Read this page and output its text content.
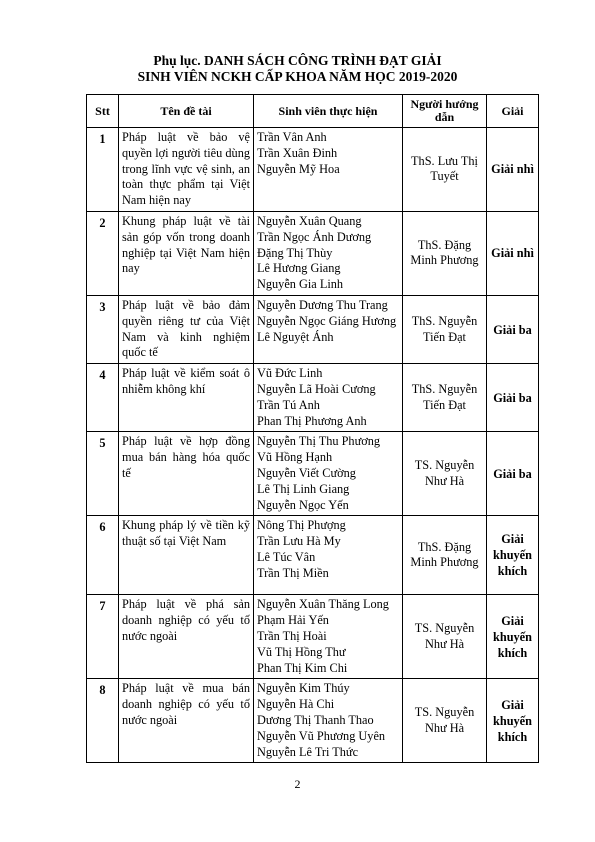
Phụ lục. DANH SÁCH CÔNG TRÌNH ĐẠT GIẢI
SINH VIÊN NCKH CẤP KHOA NĂM HỌC 2019-2020
Stt	Tên đề tài	Sinh viên thực hiện	Người hướng dẫn	Giải
1	Pháp luật về bảo vệ quyền lợi người tiêu dùng trong lĩnh vực vệ sinh, an toàn thực phẩm tại Việt Nam hiện nay	Trần Vân Anh
Trần Xuân Đinh
Nguyễn Mỹ Hoa	ThS. Lưu Thị Tuyết	Giải nhì
2	Khung pháp luật về tài sản góp vốn trong doanh nghiệp tại Việt Nam hiện nay	Nguyễn Xuân Quang
Trần Ngọc Ánh Dương
Đặng Thị Thùy
Lê Hương Giang
Nguyễn Gia Linh	ThS. Đặng Minh Phương	Giải nhì
3	Pháp luật về bảo đảm quyền riêng tư của Việt Nam và kinh nghiệm quốc tế	Nguyễn Dương Thu Trang
Nguyễn Ngọc Giáng Hương
Lê Nguyệt Ánh	ThS. Nguyễn Tiến Đạt	Giải ba
4	Pháp luật về kiểm soát ô nhiễm không khí	Vũ Đức Linh
Nguyễn Lã Hoài Cương
Trần Tú Anh
Phan Thị Phương Anh	ThS. Nguyễn Tiến Đạt	Giải ba
5	Pháp luật về hợp đồng mua bán hàng hóa quốc tế	Nguyễn Thị Thu Phương
Vũ Hồng Hạnh
Nguyễn Viết Cường
Lê Thị Linh Giang
Nguyễn Ngọc Yến	TS. Nguyễn Như Hà	Giải ba
6	Khung pháp lý về tiền kỹ thuật số tại Việt Nam	Nông Thị Phượng
Trần Lưu Hà My
Lê Túc Vân
Trần Thị Miền	ThS. Đặng Minh Phương	Giải khuyến khích
7	Pháp luật về phá sản doanh nghiệp có yếu tố nước ngoài	Nguyễn Xuân Thăng Long
Phạm Hải Yến
Trần Thị Hoài
Vũ Thị Hồng Thư
Phan Thị Kim Chi	TS. Nguyễn Như Hà	Giải khuyến khích
8	Pháp luật về mua bán doanh nghiệp có yếu tố nước ngoài	Nguyễn Kim Thúy
Nguyễn Hà Chi
Dương Thị Thanh Thao
Nguyễn Vũ Phương Uyên
Nguyễn Lê Tri Thức	TS. Nguyễn Như Hà	Giải khuyến khích
2
